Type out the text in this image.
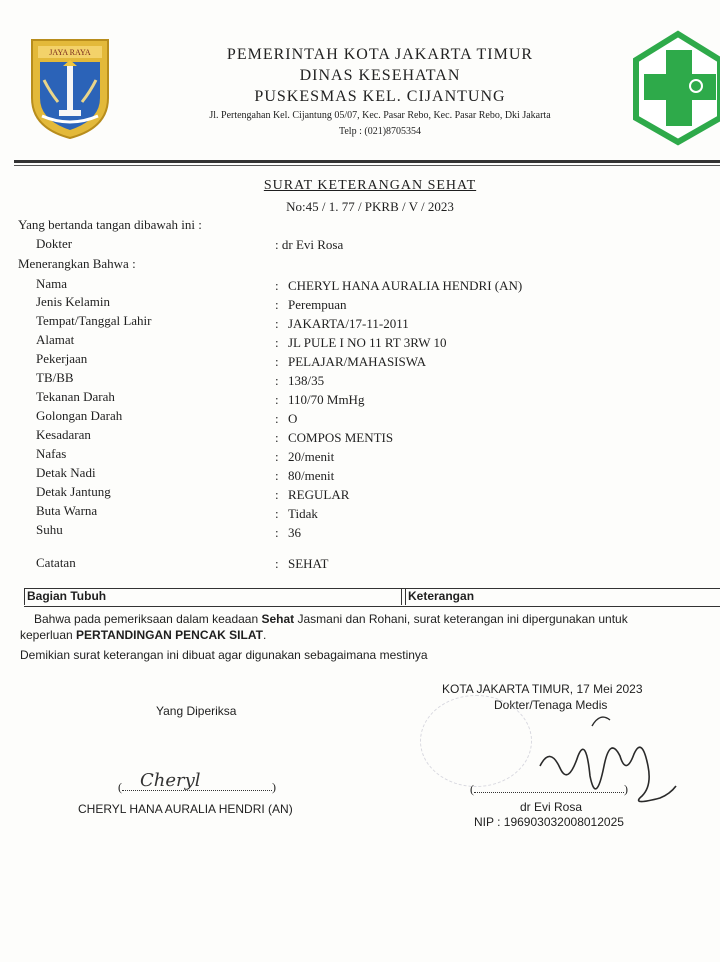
JAYA RAYA	PEMERINTAH KOTA JAKARTA TIMUR
DINAS KESEHATAN
PUSKESMAS KEL. CIJANTUNG
Jl. Pertengahan Kel. Cijantung 05/07, Kec. Pasar Rebo, Kec. Pasar Rebo, Dki Jakarta
Telp : (021)8705354
SURAT KETERANGAN SEHAT
No:45 / 1. 77 / PKRB / V / 2023
Yang bertanda tangan dibawah ini :
Dokter	: dr Evi Rosa
Menerangkan Bahwa :
Nama	: CHERYL HANA AURALIA HENDRI (AN)
Jenis Kelamin	: Perempuan
Tempat/Tanggal Lahir	: JAKARTA/17-11-2011
Alamat	: JL PULE I NO 11 RT 3RW 10
Pekerjaan	: PELAJAR/MAHASISWA
TB/BB	: 138/35
Tekanan Darah	: 110/70 MmHg
Golongan Darah	: O
Kesadaran	: COMPOS MENTIS
Nafas	: 20/menit
Detak Nadi	: 80/menit
Detak Jantung	: REGULAR
Buta Warna	: Tidak
Suhu	: 36
Catatan	: SEHAT
Bagian Tubuh	Keterangan
Bahwa pada pemeriksaan dalam keadaan Sehat Jasmani dan Rohani, surat keterangan ini dipergunakan untuk
keperluan PERTANDINGAN PENCAK SILAT.
Demikian surat keterangan ini dibuat agar digunakan sebagaimana mestinya
Yang Diperiksa
(	)
Cheryl
CHERYL HANA AURALIA HENDRI (AN)
KOTA JAKARTA TIMUR, 17 Mei 2023
Dokter/Tenaga Medis
(	)
dr Evi Rosa
NIP : 196903032008012025
